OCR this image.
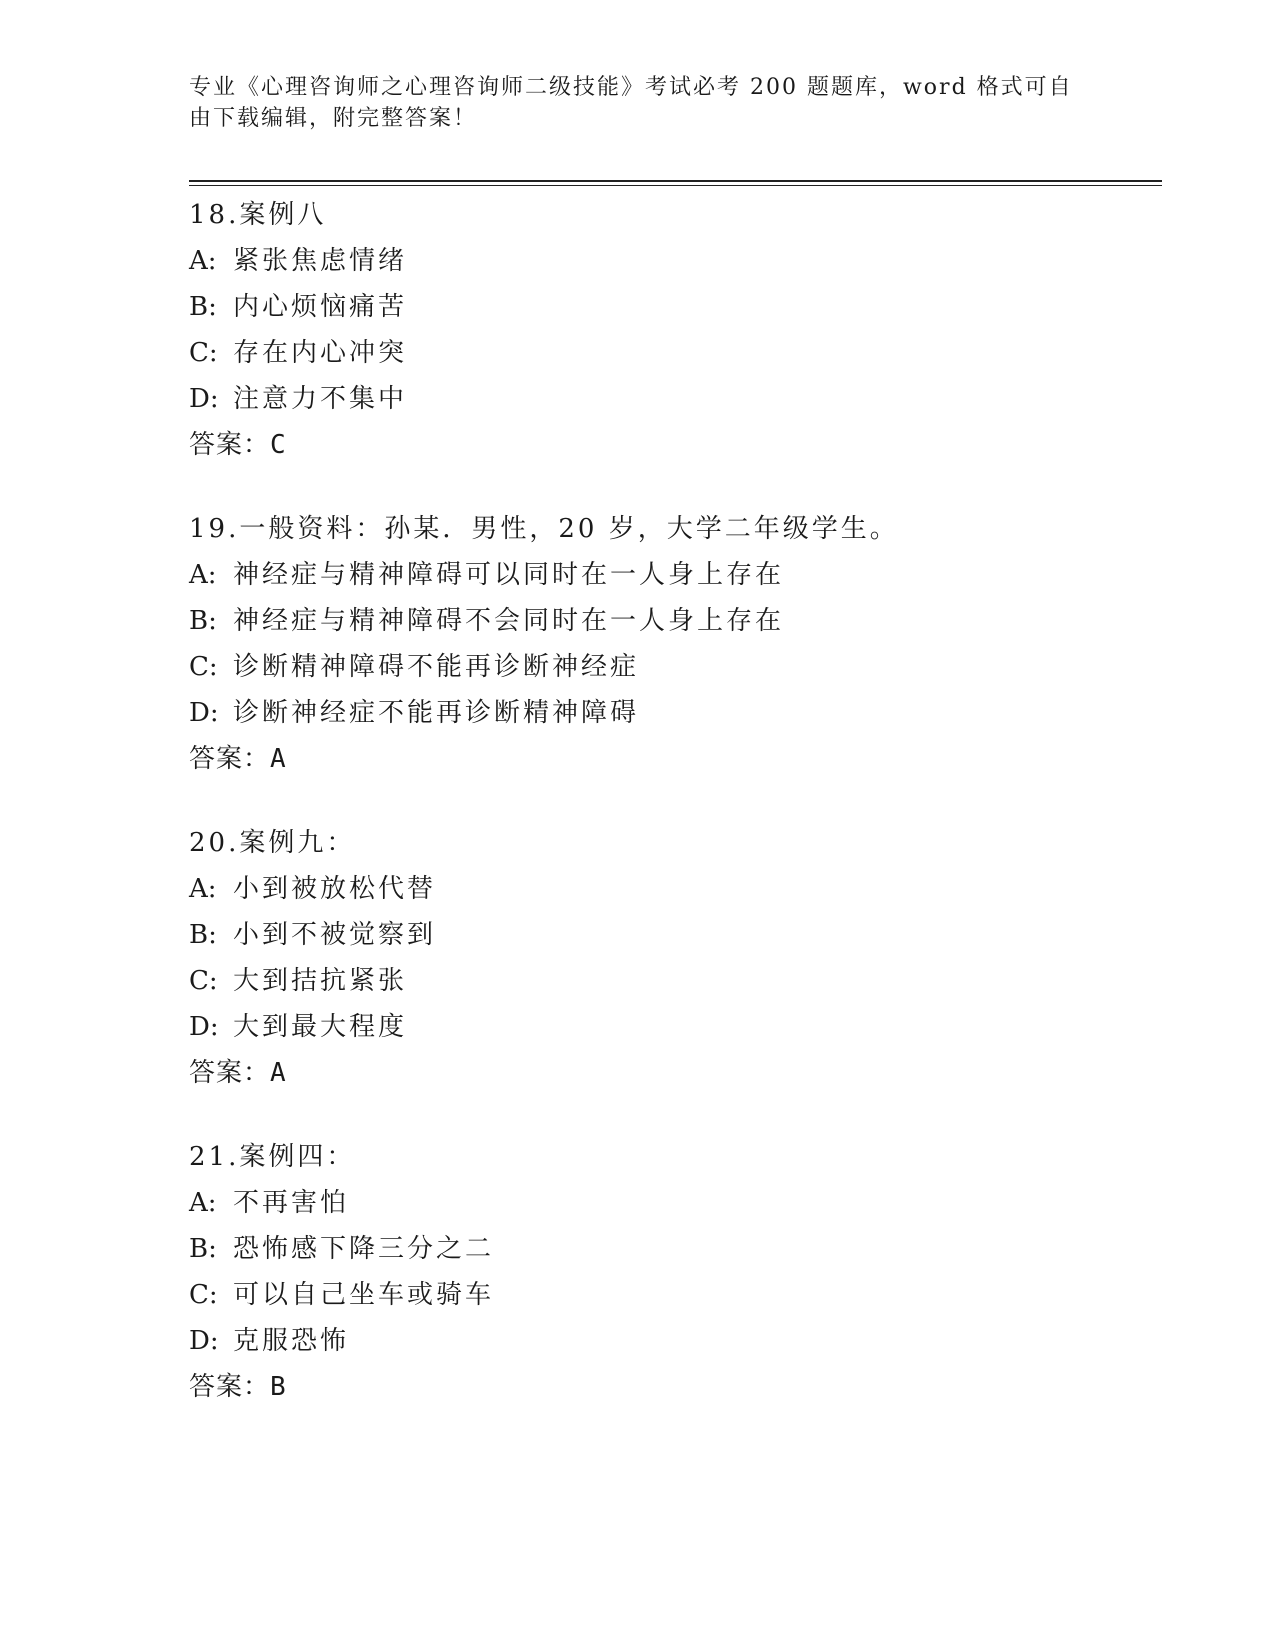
专业《心理咨询师之心理咨询师二级技能》考试必考 200 题题库，word 格式可自
由下载编辑，附完整答案！
18.案例八
A: 紧张焦虑情绪
B: 内心烦恼痛苦
C: 存在内心冲突
D: 注意力不集中
答案：C
19.一般资料：孙某．男性，20 岁，大学二年级学生。
A: 神经症与精神障碍可以同时在一人身上存在
B: 神经症与精神障碍不会同时在一人身上存在
C: 诊断精神障碍不能再诊断神经症
D: 诊断神经症不能再诊断精神障碍
答案：A
20.案例九：
A: 小到被放松代替
B: 小到不被觉察到
C: 大到拮抗紧张
D: 大到最大程度
答案：A
21.案例四：
A: 不再害怕
B: 恐怖感下降三分之二
C: 可以自己坐车或骑车
D: 克服恐怖
答案：B
